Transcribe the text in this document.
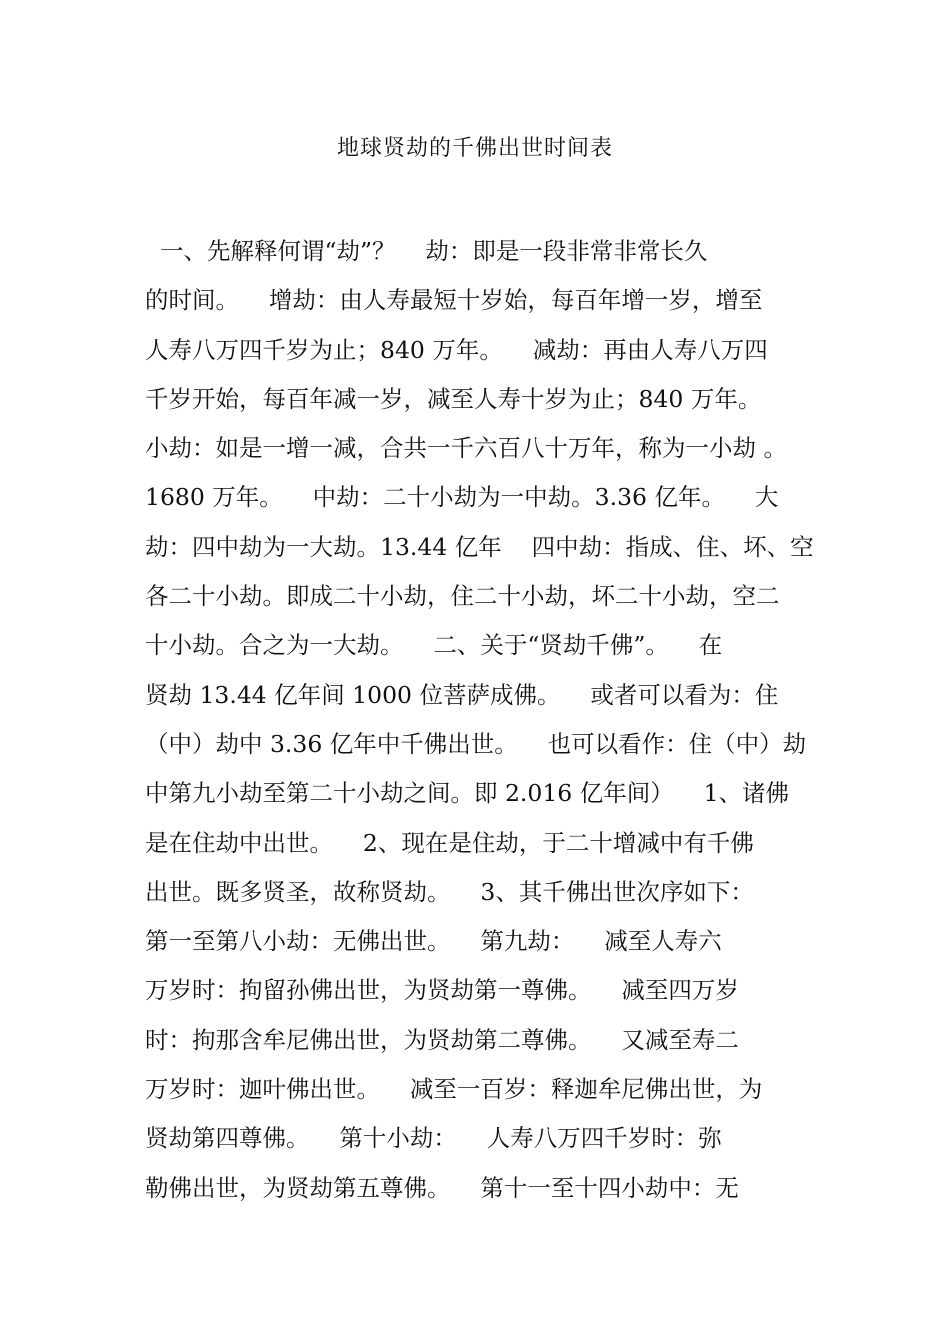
地球贤劫的千佛出世时间表
一、先解释何谓“劫”？    劫：即是一段非常非常长久
的时间。    增劫：由人寿最短十岁始，每百年增一岁，增至
人寿八万四千岁为止；840 万年。    减劫：再由人寿八万四
千岁开始，每百年减一岁，减至人寿十岁为止；840 万年。
小劫：如是一增一减，合共一千六百八十万年，称为一小劫 。
1680 万年。    中劫：二十小劫为一中劫。3.36 亿年。    大
劫：四中劫为一大劫。13.44 亿年    四中劫：指成、住、坏、空
各二十小劫。即成二十小劫，住二十小劫，坏二十小劫，空二
十小劫。合之为一大劫。    二、关于“贤劫千佛”。    在
贤劫 13.44 亿年间 1000 位菩萨成佛。    或者可以看为：住
（中）劫中 3.36 亿年中千佛出世。    也可以看作：住（中）劫
中第九小劫至第二十小劫之间。即 2.016 亿年间）    1、诸佛
是在住劫中出世。    2、现在是住劫，于二十增减中有千佛
出世。既多贤圣，故称贤劫。    3、其千佛出世次序如下：
第一至第八小劫：无佛出世。    第九劫：    减至人寿六
万岁时：拘留孙佛出世，为贤劫第一尊佛。    减至四万岁
时：拘那含牟尼佛出世，为贤劫第二尊佛。    又减至寿二
万岁时：迦叶佛出世。    减至一百岁：释迦牟尼佛出世，为
贤劫第四尊佛。    第十小劫：    人寿八万四千岁时：弥
勒佛出世，为贤劫第五尊佛。    第十一至十四小劫中：无
